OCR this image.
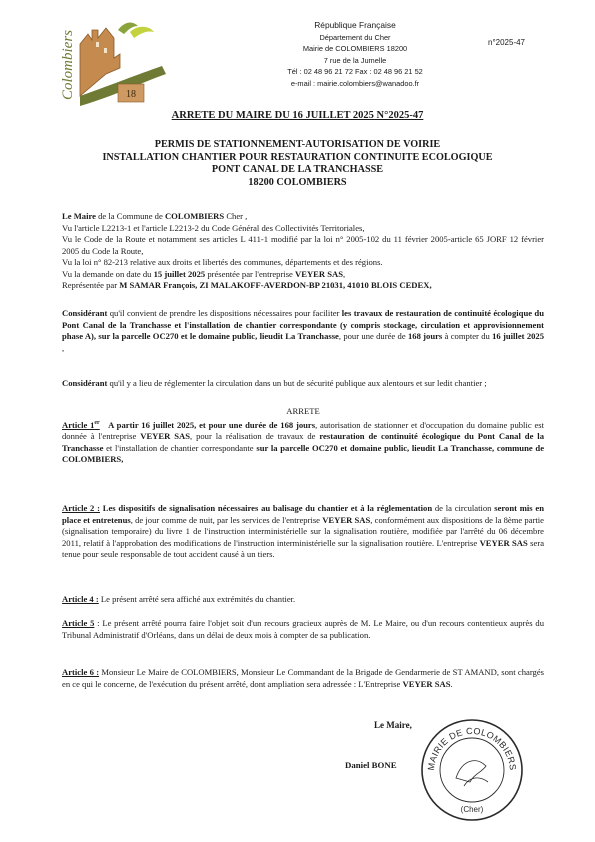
Colombiers	18
République Française
Département du Cher
Mairie de COLOMBIERS 18200
7 rue de la Jumelle
Tél : 02 48 96 21 72 Fax : 02 48 96 21 52
e-mail : mairie.colombiers@wanadoo.fr
n°2025-47
ARRETE DU MAIRE DU 16 JUILLET 2025 N°2025-47
PERMIS DE STATIONNEMENT-AUTORISATION DE VOIRIE
INSTALLATION CHANTIER POUR RESTAURATION CONTINUITE ECOLOGIQUE
PONT CANAL DE LA TRANCHASSE
18200 COLOMBIERS

Le Maire de la Commune de COLOMBIERS Cher ,

Vu l'article L2213-1 et l'article L2213-2 du Code Général des Collectivités Territoriales,

Vu le Code de la Route et notamment ses articles L 411-1 modifié par la loi n° 2005-102 du 11 février 2005-article 65 JORF 12 février 2005 du Code la Route,

Vu la loi n° 82-213 relative aux droits et libertés des communes, départements et des régions.

Vu la demande on date du 15 juillet 2025 présentée par l'entreprise VEYER SAS,

Représentée par M SAMAR François, ZI MALAKOFF-AVERDON-BP 21031, 41010 BLOIS CEDEX,

Considérant qu'il convient de prendre les dispositions nécessaires pour faciliter les travaux de restauration de continuité écologique du Pont Canal de la Tranchasse et l'installation de chantier correspondante (y compris stockage, circulation et approvisionnement phase A), sur la parcelle OC270 et le domaine public, lieudit La Tranchasse, pour une durée de 168 jours à compter du 16 juillet 2025 ,

Considérant qu'il y a lieu de réglementer la circulation dans un but de sécurité publique aux alentours et sur ledit chantier ;

ARRETE

Article 1er A partir 16 juillet 2025, et pour une durée de 168 jours, autorisation de stationner et d'occupation du domaine public est donnée à l'entreprise VEYER SAS, pour la réalisation de travaux de restauration de continuité écologique du Pont Canal de la Tranchasse et l'installation de chantier correspondante sur la parcelle OC270 et domaine public, lieudit La Tranchasse, commune de COLOMBIERS,

Article 2 : Les dispositifs de signalisation nécessaires au balisage du chantier et à la réglementation de la circulation seront mis en place et entretenus, de jour comme de nuit, par les services de l'entreprise VEYER SAS, conformément aux dispositions de la 8ème partie (signalisation temporaire) du livre 1 de l'instruction interministérielle sur la signalisation routière, modifiée par l'arrêté du 06 décembre 2011, relatif à l'approbation des modifications de l'instruction interministérielle sur la signalisation routière. L'entreprise VEYER SAS sera tenue pour seule responsable de tout accident causé à un tiers.

Article 4 : Le présent arrêté sera affiché aux extrémités du chantier.

Article 5 : Le présent arrêté pourra faire l'objet soit d'un recours gracieux auprès de M. Le Maire, ou d'un recours contentieux auprès du Tribunal Administratif d'Orléans, dans un délai de deux mois à compter de sa publication.

Article 6 : Monsieur Le Maire de COLOMBIERS, Monsieur Le Commandant de la Brigade de Gendarmerie de ST AMAND, sont chargés en ce qui le concerne, de l'exécution du présent arrêté, dont ampliation sera adressée : L'Entreprise VEYER SAS.

Le Maire,
Daniel BONE	MAIRIE DE COLOMBIERS
(Cher)
